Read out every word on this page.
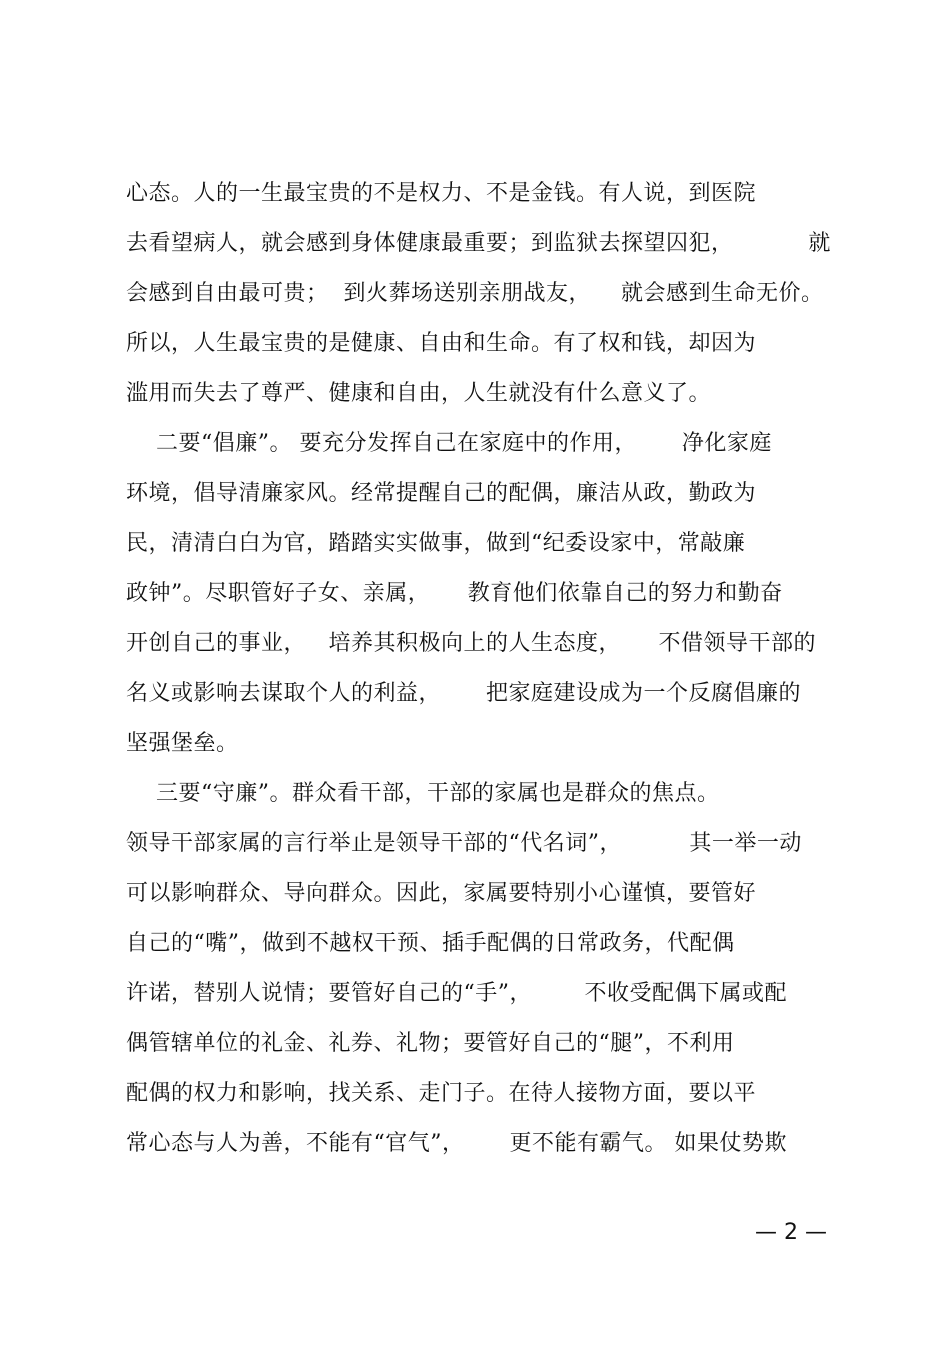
心态。人的一生最宝贵的不是权力、不是金钱。有人说，到医院
去看望病人，就会感到身体健康最重要；到监狱去探望囚犯，          就
会感到自由最可贵；  到火葬场送别亲朋战友，    就会感到生命无价。
所以，人生最宝贵的是健康、自由和生命。有了权和钱，却因为
滥用而失去了尊严、健康和自由，人生就没有什么意义了。
二要“倡廉”。 要充分发挥自己在家庭中的作用，      净化家庭
环境，倡导清廉家风。经常提醒自己的配偶，廉洁从政，勤政为
民，清清白白为官，踏踏实实做事，做到“纪委设家中，常敲廉
政钟”。尽职管好子女、亲属，     教育他们依靠自己的努力和勤奋
开创自己的事业，   培养其积极向上的人生态度，     不借领导干部的
名义或影响去谋取个人的利益，      把家庭建设成为一个反腐倡廉的
坚强堡垒。
三要“守廉”。群众看干部，干部的家属也是群众的焦点。
领导干部家属的言行举止是领导干部的“代名词”，         其一举一动
可以影响群众、导向群众。因此，家属要特别小心谨慎，要管好
自己的“嘴”，做到不越权干预、插手配偶的日常政务，代配偶
许诺，替别人说情；要管好自己的“手”，       不收受配偶下属或配
偶管辖单位的礼金、礼券、礼物；要管好自己的“腿”，不利用
配偶的权力和影响，找关系、走门子。在待人接物方面，要以平
常心态与人为善，不能有“官气”，      更不能有霸气。 如果仗势欺
— 2 —
